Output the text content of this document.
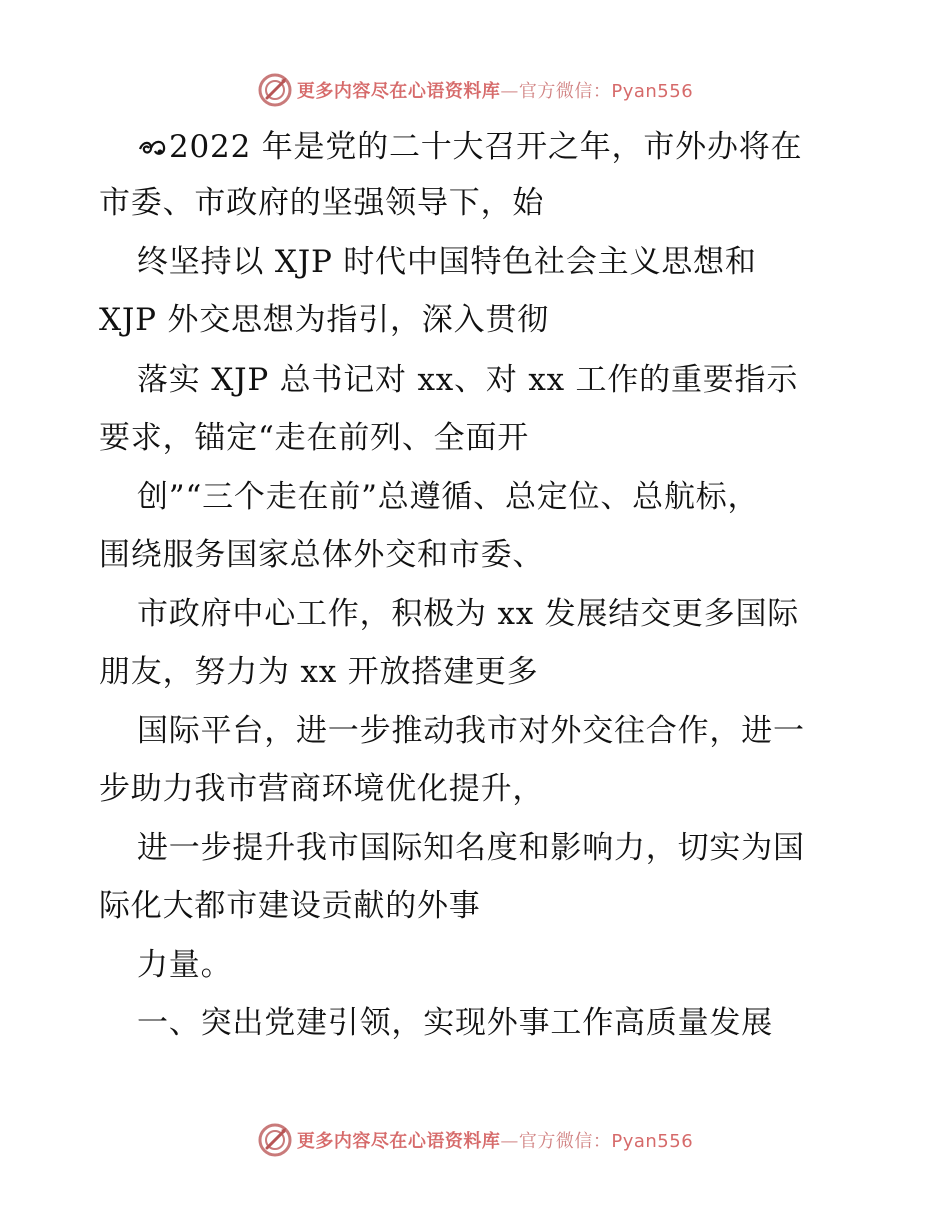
更多内容尽在心语资料库—官方微信：Pyan556
2022 年是党的二十大召开之年，市外办将在
市委、市政府的坚强领导下，始
终坚持以 XJP 时代中国特色社会主义思想和
XJP 外交思想为指引，深入贯彻
落实 XJP 总书记对 xx、对 xx 工作的重要指示
要求，锚定“走在前列、全面开
创”“三个走在前”总遵循、总定位、总航标，
围绕服务国家总体外交和市委、
市政府中心工作，积极为 xx 发展结交更多国际
朋友，努力为 xx 开放搭建更多
国际平台，进一步推动我市对外交往合作，进一
步助力我市营商环境优化提升，
进一步提升我市国际知名度和影响力，切实为国
际化大都市建设贡献的外事
力量。
一、突出党建引领，实现外事工作高质量发展
更多内容尽在心语资料库—官方微信：Pyan556
